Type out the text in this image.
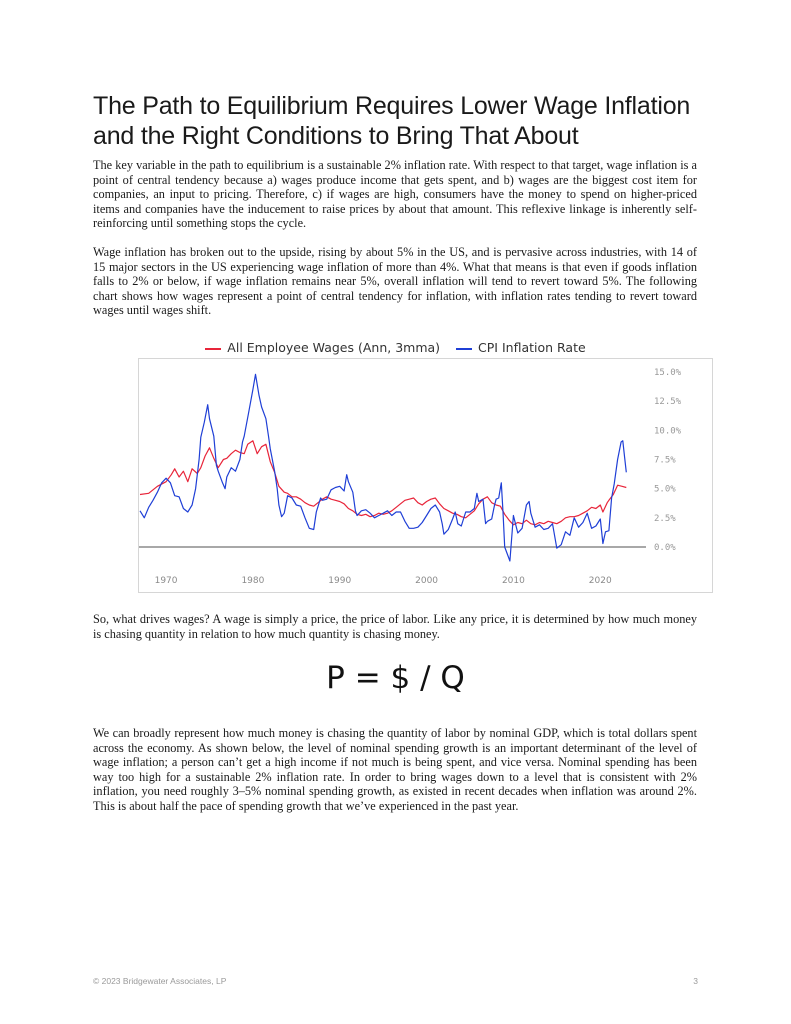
The Path to Equilibrium Requires Lower Wage Inflation and the Right Conditions to Bring That About

The key variable in the path to equilibrium is a sustainable 2% inflation rate. With respect to that target, wage inflation is a point of central tendency because a) wages produce income that gets spent, and b) wages are the biggest cost item for companies, an input to pricing. Therefore, c) if wages are high, consumers have the money to spend on higher-priced items and companies have the inducement to raise prices by about that amount. This reflexive linkage is inherently self-reinforcing until something stops the cycle.

Wage inflation has broken out to the upside, rising by about 5% in the US, and is pervasive across industries, with 14 of 15 major sectors in the US experiencing wage inflation of more than 4%. What that means is that even if goods inflation falls to 2% or below, if wage inflation remains near 5%, overall inflation will tend to revert toward 5%. The following chart shows how wages represent a point of central tendency for inflation, with inflation rates tending to revert toward wages until wages shift.

All Employee Wages (Ann, 3mma)	CPI Inflation Rate
0.0%
2.5%
5.0%
7.5%
10.0%
12.5%
15.0%
1970	1980	1990	2000	2010	2020

So, what drives wages? A wage is simply a price, the price of labor. Like any price, it is determined by how much money is chasing quantity in relation to how much quantity is chasing money.

P = $ / Q

We can broadly represent how much money is chasing the quantity of labor by nominal GDP, which is total dollars spent across the economy. As shown below, the level of nominal spending growth is an important determinant of the level of wage inflation; a person can’t get a high income if not much is being spent, and vice versa. Nominal spending has been way too high for a sustainable 2% inflation rate. In order to bring wages down to a level that is consistent with 2% inflation, you need roughly 3–5% nominal spending growth, as existed in recent decades when inflation was around 2%. This is about half the pace of spending growth that we’ve experienced in the past year.

© 2023 Bridgewater Associates, LP	3
